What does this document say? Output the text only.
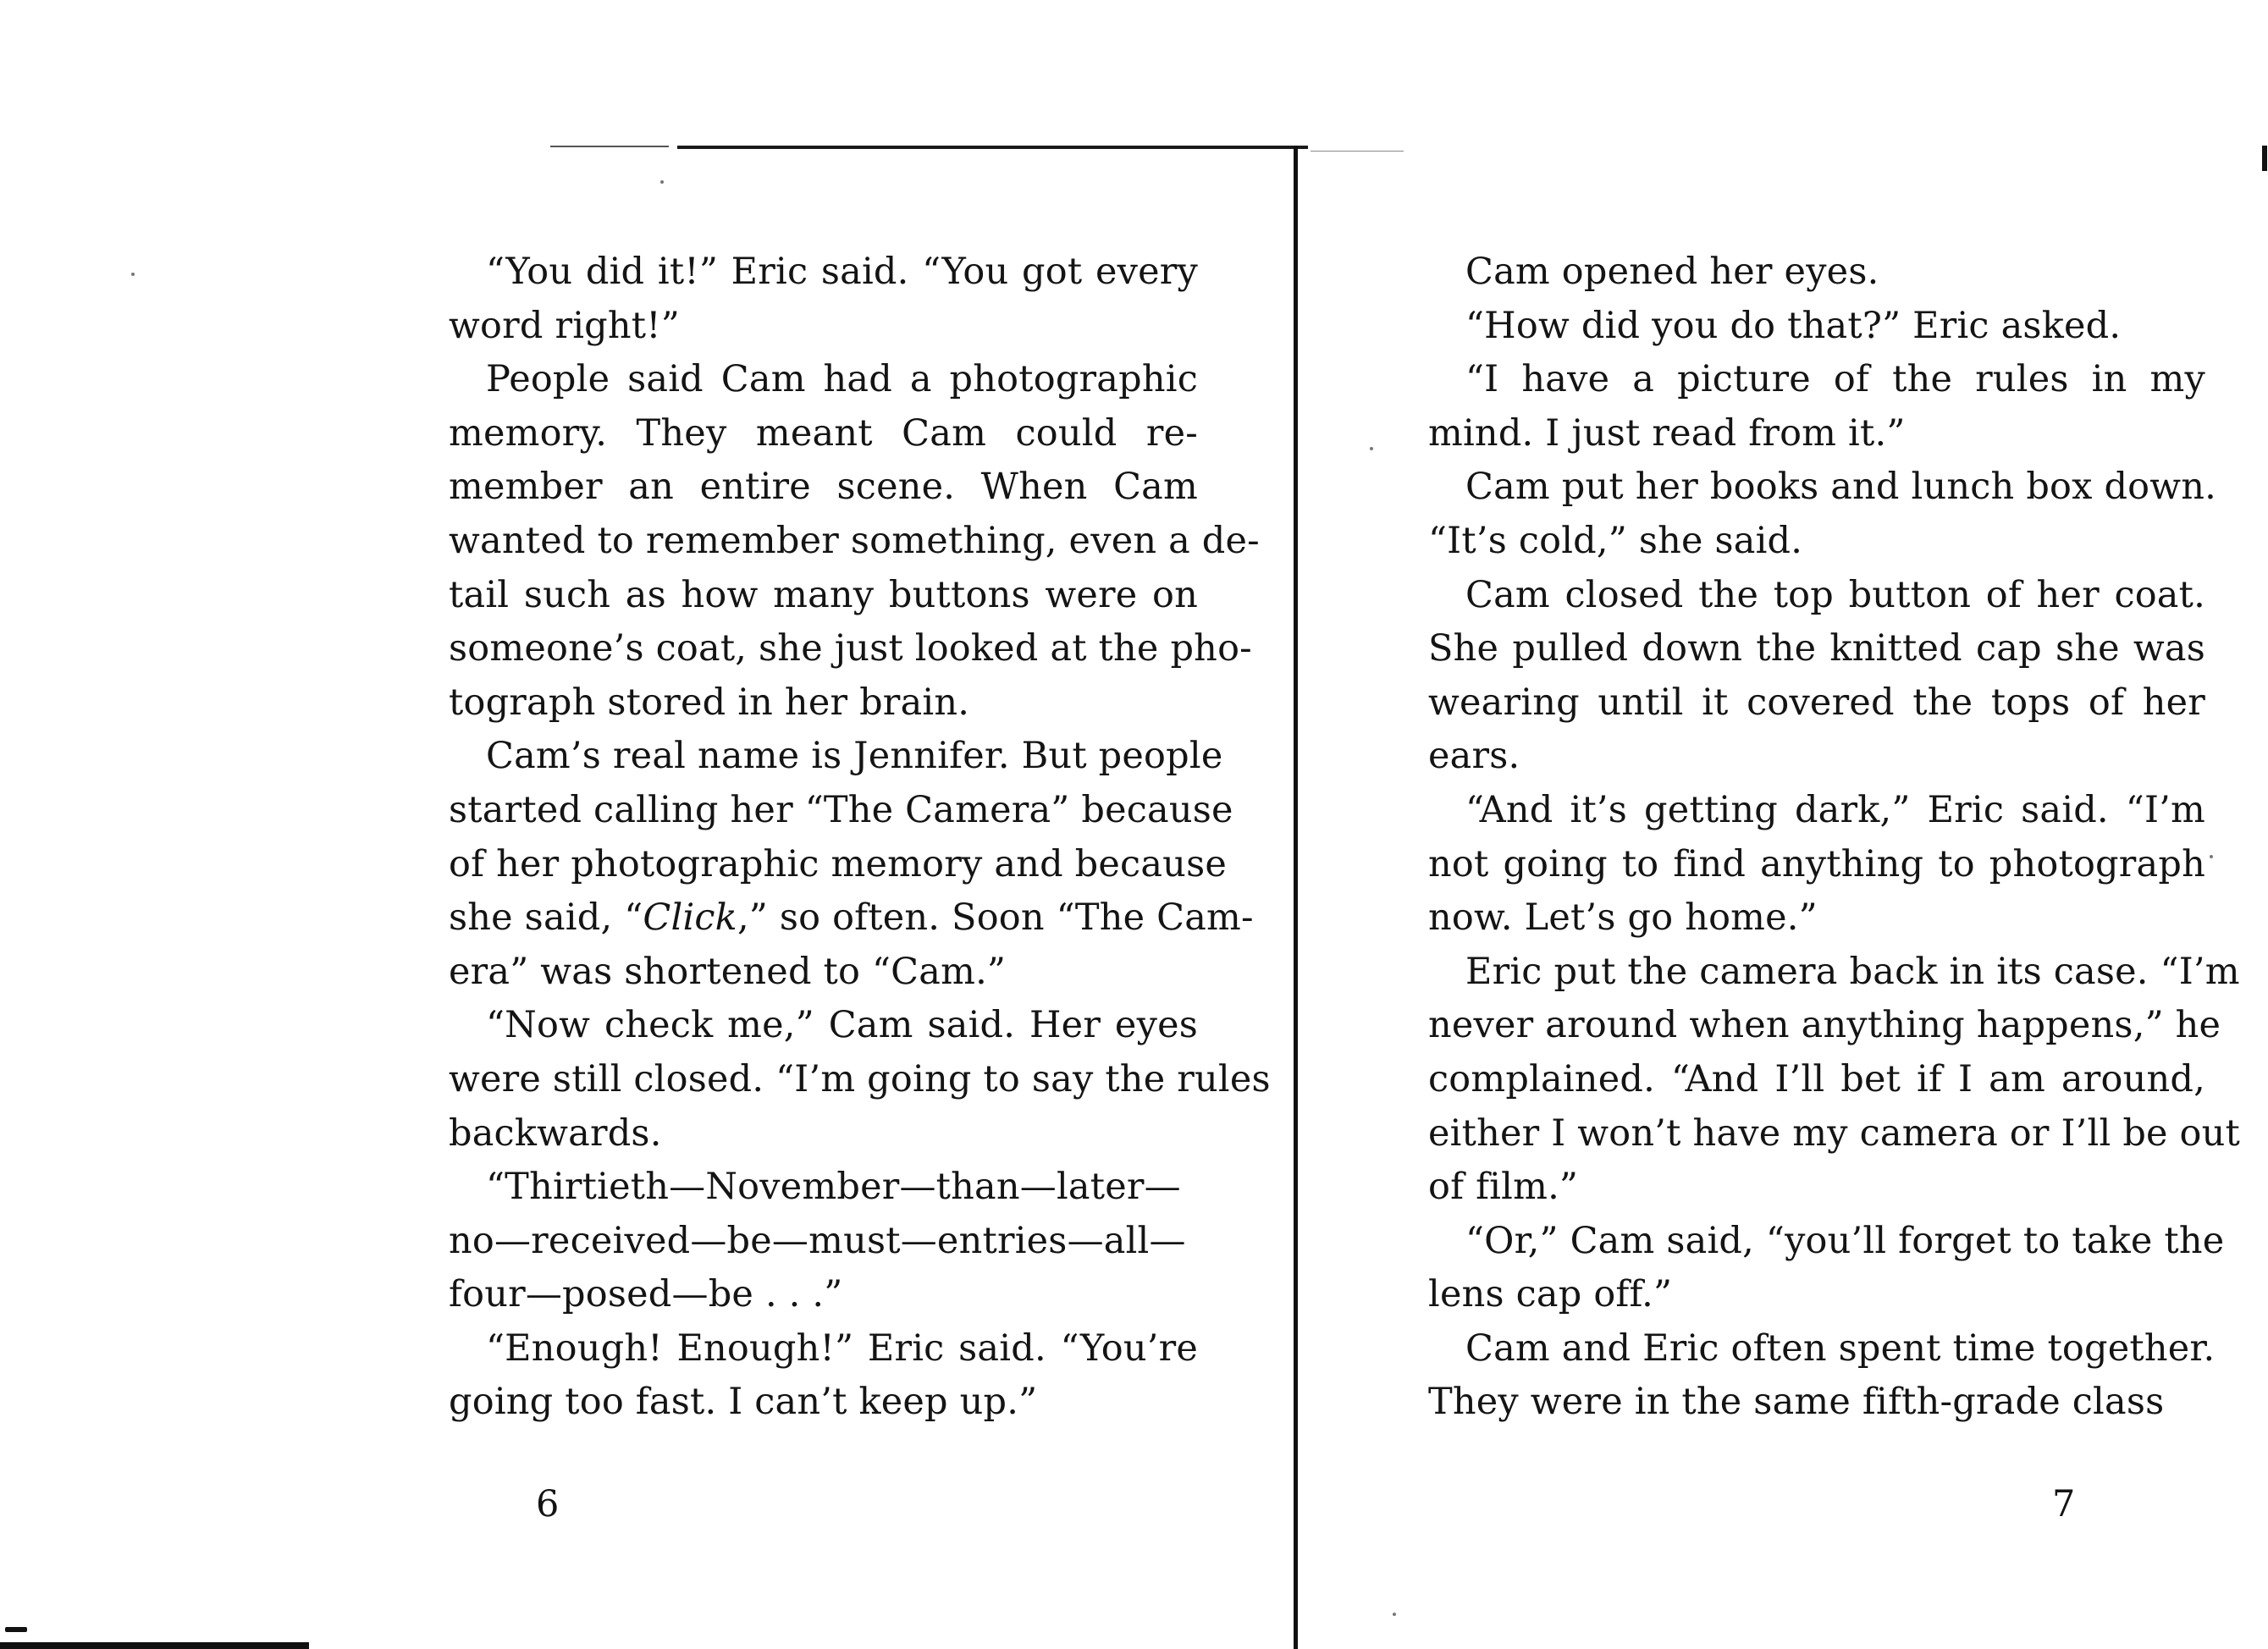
“You did it!” Eric said. “You got every
word right!”

People said Cam had a photographic
memory. They meant Cam could re-
member an entire scene. When Cam
wanted to remember something, even a de-
tail such as how many buttons were on
someone’s coat, she just looked at the pho-
tograph stored in her brain.

Cam’s real name is Jennifer. But people
started calling her “The Camera” because
of her photographic memory and because
she said, “Click,” so often. Soon “The Cam-
era” was shortened to “Cam.”

“Now check me,” Cam said. Her eyes
were still closed. “I’m going to say the rules
backwards.

“Thirtieth—November—than—later—
no—received—be—must—entries—all—
four—posed—be . . .”

“Enough! Enough!” Eric said. “You’re
going too fast. I can’t keep up.”

6

Cam opened her eyes.

“How did you do that?” Eric asked.

“I have a picture of the rules in my
mind. I just read from it.”

Cam put her books and lunch box down.
“It’s cold,” she said.

Cam closed the top button of her coat.
She pulled down the knitted cap she was
wearing until it covered the tops of her
ears.

“And it’s getting dark,” Eric said. “I’m
not going to find anything to photograph
now. Let’s go home.”

Eric put the camera back in its case. “I’m
never around when anything happens,” he
complained. “And I’ll bet if I am around,
either I won’t have my camera or I’ll be out
of film.”

“Or,” Cam said, “you’ll forget to take the
lens cap off.”

Cam and Eric often spent time together.
They were in the same fifth-grade class

7
